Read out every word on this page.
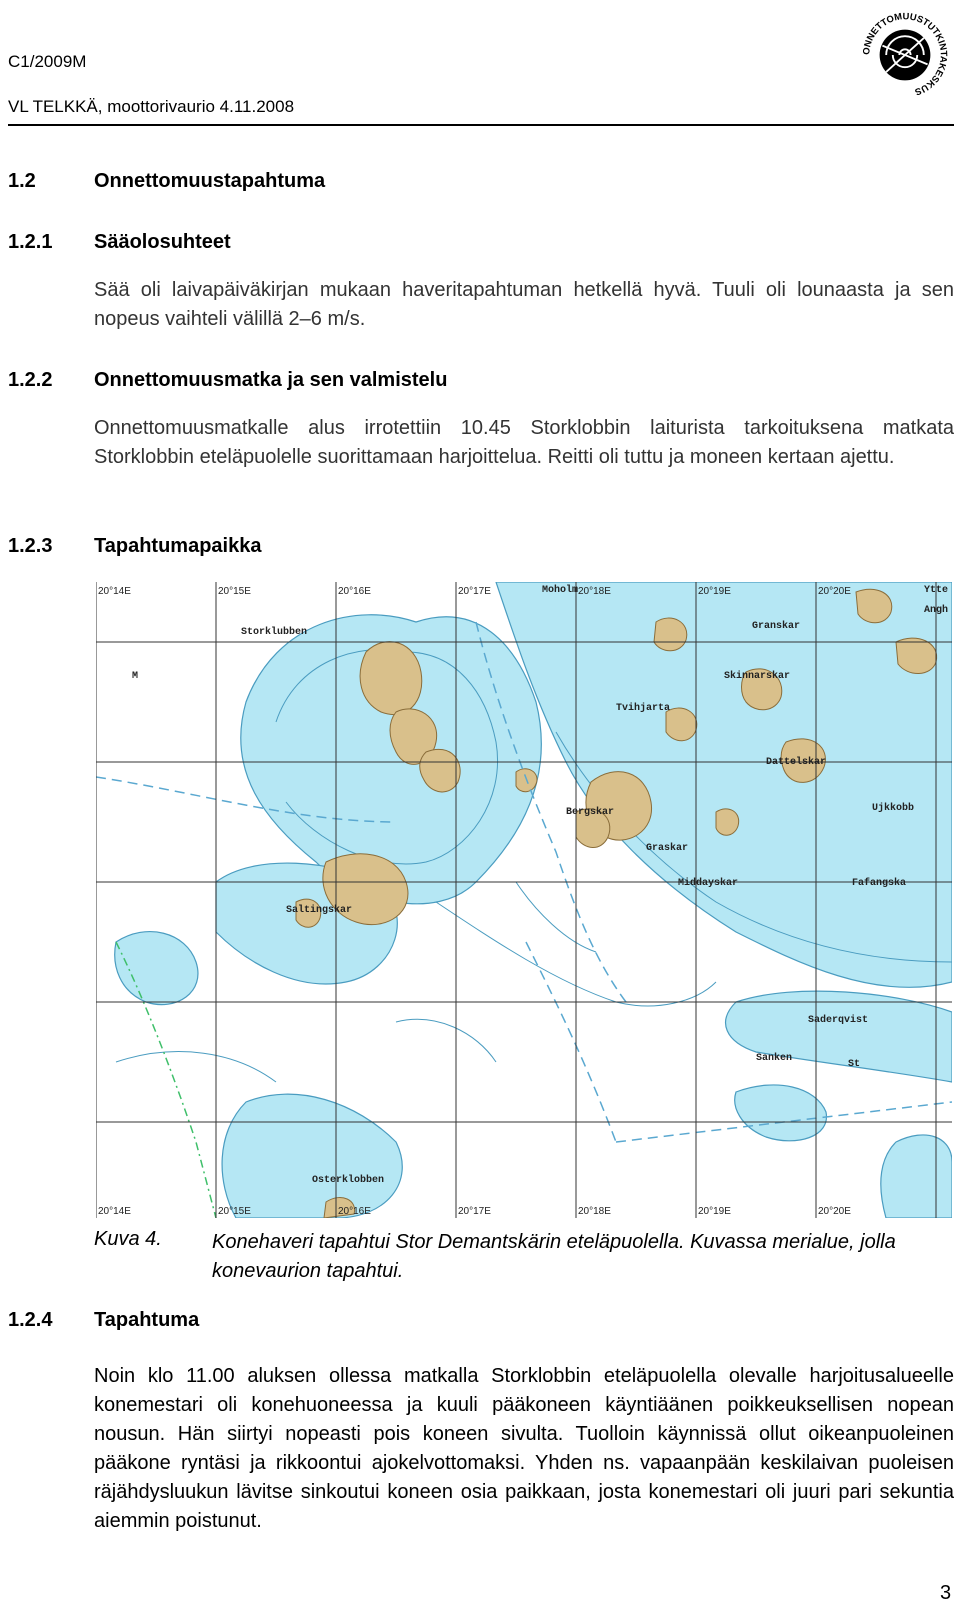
C1/2009M
VL TELKKÄ, moottorivaurio 4.11.2008
ONNETTOMUUSTUTKINTAKESKUS
1.2	Onnettomuustapahtuma
1.2.1 Sääolosuhteet
Sää oli laivapäiväkirjan mukaan haveritapahtuman hetkellä hyvä. Tuuli oli lounaasta ja sen nopeus vaihteli välillä 2–6 m/s.
1.2.2 Onnettomuusmatka ja sen valmistelu
Onnettomuusmatkalle alus irrotettiin 10.45 Storklobbin laiturista tarkoituksena matkata Storklobbin eteläpuolelle suorittamaan harjoittelua. Reitti oli tuttu ja moneen kertaan ajettu.
1.2.3 Tapahtumapaikka
20°14E	20°15E	20°16E	20°17E	20°18E	20°19E	20°20E
20°14E	20°15E	20°16E	20°17E	20°18E	20°19E	20°20E
Storklubben
Moholm	Ytte
Angh
Granskar
Skinnarskar
Tvihjarta
Dattelskar
Ujkkobb
Bergskar
Graskar
Middayskar	Fafangska
Saltingskar
Saderqvist
Sanken
St
Osterklobben
M
Kuva 4.	Konehaveri tapahtui Stor Demantskärin eteläpuolella. Kuvassa merialue, jolla konevaurion tapahtui.
1.2.4 Tapahtuma
Noin klo 11.00 aluksen ollessa matkalla Storklobbin eteläpuolella olevalle harjoitusalueelle konemestari oli konehuoneessa ja kuuli pääkoneen käyntiäänen poikkeuksellisen nopean nousun. Hän siirtyi nopeasti pois koneen sivulta. Tuolloin käynnissä ollut oikeanpuoleinen pääkone ryntäsi ja rikkoontui ajokelvottomaksi. Yhden ns. vapaanpään keskilaivan puoleisen räjähdysluukun lävitse sinkoutui koneen osia paikkaan, josta konemestari oli juuri pari sekuntia aiemmin poistunut.
3
